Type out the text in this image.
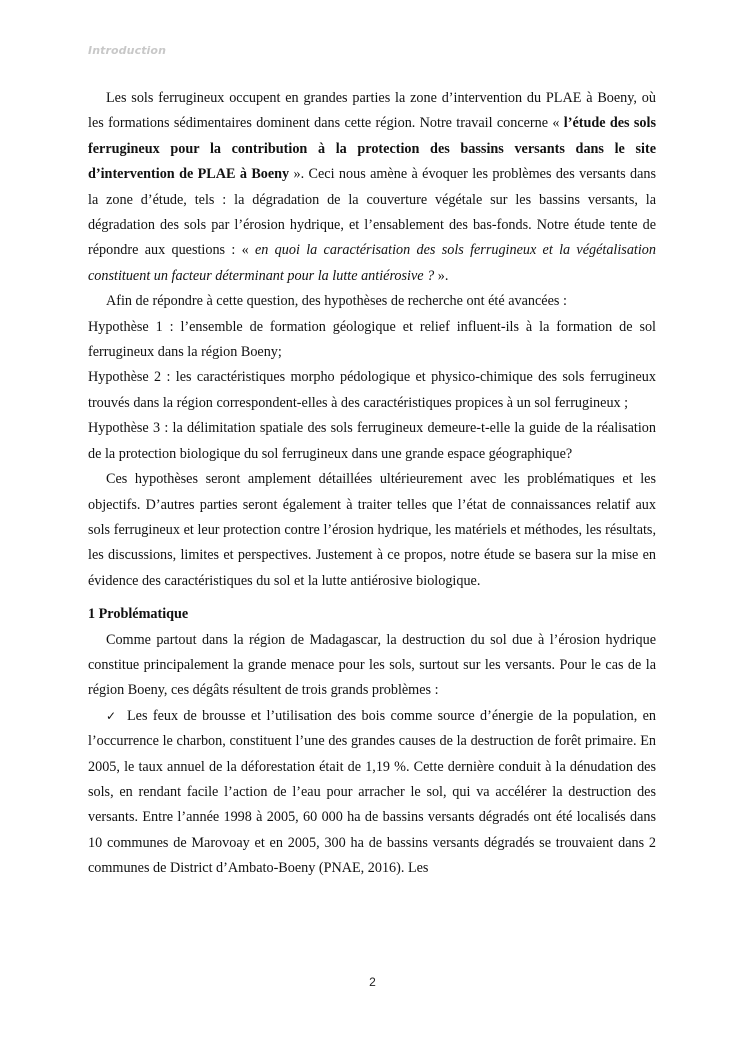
Introduction

Les sols ferrugineux occupent en grandes parties la zone d’intervention du PLAE à Boeny, où les formations sédimentaires dominent dans cette région. Notre travail concerne « l’étude des sols ferrugineux pour la contribution à la protection des bassins versants dans le site d’intervention de PLAE à Boeny ». Ceci nous amène à évoquer les problèmes des versants dans la zone d’étude, tels : la dégradation de la couverture végétale sur les bassins versants, la dégradation des sols par l’érosion hydrique, et l’ensablement des bas-fonds. Notre étude tente de répondre aux questions : « en quoi la caractérisation des sols ferrugineux et la végétalisation constituent un facteur déterminant pour la lutte antiérosive ? ».

Afin de répondre à cette question, des hypothèses de recherche ont été avancées :

Hypothèse 1 : l’ensemble de formation géologique et relief influent-ils à la formation de sol ferrugineux dans la région Boeny;

Hypothèse 2 : les caractéristiques morpho pédologique et physico-chimique des sols ferrugineux trouvés dans la région correspondent-elles à des caractéristiques propices à un sol ferrugineux ;

Hypothèse 3 : la délimitation spatiale des sols ferrugineux demeure-t-elle la guide de la réalisation de la protection biologique du sol ferrugineux dans une grande espace géographique?

Ces hypothèses seront amplement détaillées ultérieurement avec les problématiques et les objectifs. D’autres parties seront également à traiter telles que l’état de connaissances relatif aux sols ferrugineux et leur protection contre l’érosion hydrique, les matériels et méthodes, les résultats, les discussions, limites et perspectives. Justement à ce propos, notre étude se basera sur la mise en évidence des caractéristiques du sol et la lutte antiérosive biologique.

1 Problématique

Comme partout dans la région de Madagascar, la destruction du sol due à l’érosion hydrique constitue principalement la grande menace pour les sols, surtout sur les versants. Pour le cas de la région Boeny, ces dégâts résultent de trois grands problèmes :

✓ Les feux de brousse et l’utilisation des bois comme source d’énergie de la population, en l’occurrence le charbon, constituent l’une des grandes causes de la destruction de forêt primaire. En 2005, le taux annuel de la déforestation était de 1,19 %. Cette dernière conduit à la dénudation des sols, en rendant facile l’action de l’eau pour arracher le sol, qui va accélérer la destruction des versants. Entre l’année 1998 à 2005, 60 000 ha de bassins versants dégradés ont été localisés dans 10 communes de Marovoay et en 2005, 300 ha de bassins versants dégradés se trouvaient dans 2 communes de District d’Ambato-Boeny (PNAE, 2016). Les

2
